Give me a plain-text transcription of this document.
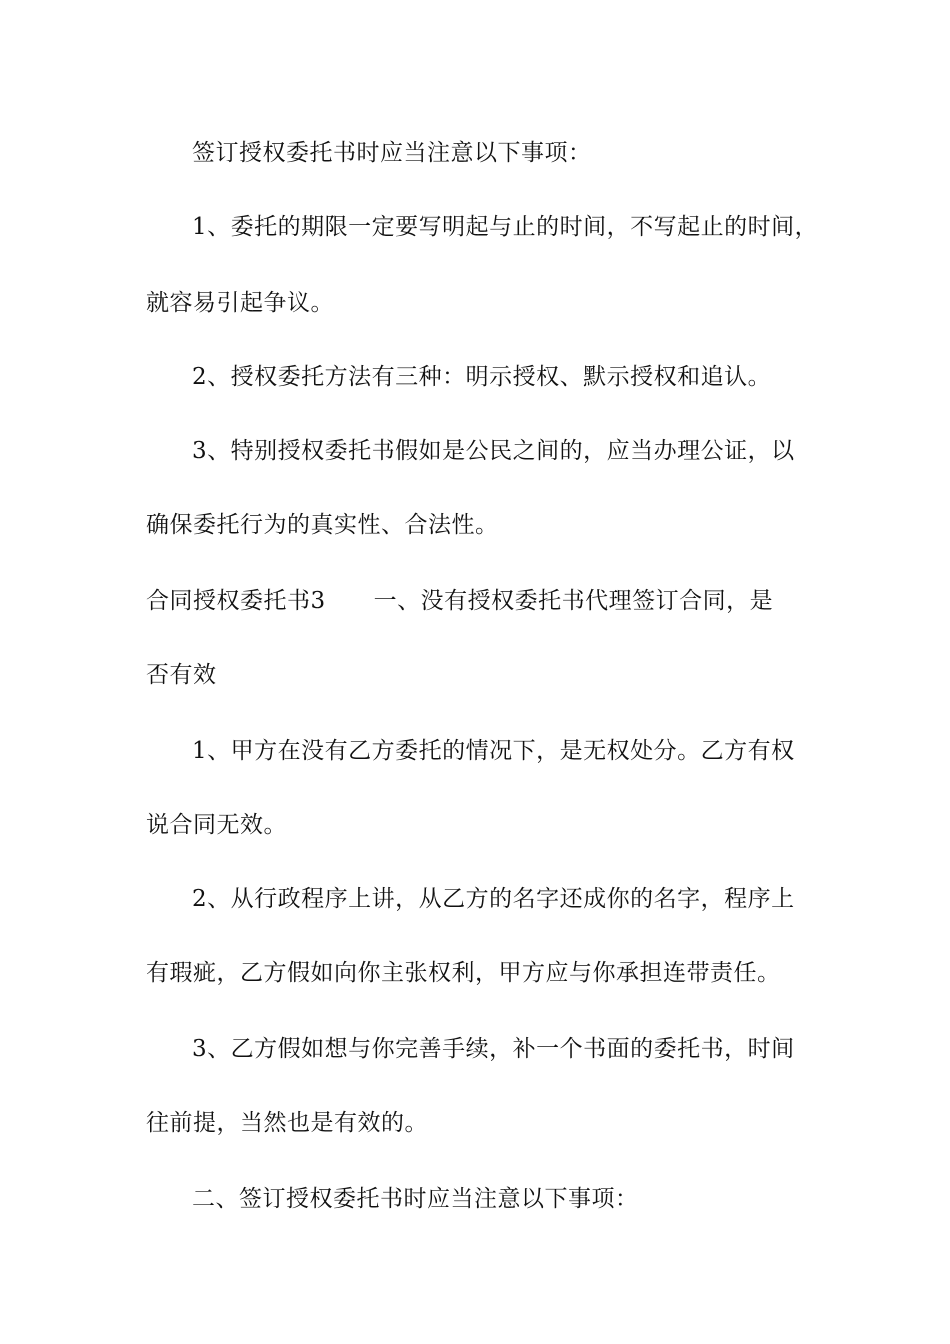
签订授权委托书时应当注意以下事项：
1、委托的期限一定要写明起与止的时间，不写起止的时间，
就容易引起争议。
2、授权委托方法有三种：明示授权、默示授权和追认。
3、特别授权委托书假如是公民之间的，应当办理公证，以
确保委托行为的真实性、合法性。
合同授权委托书3 一、没有授权委托书代理签订合同，是
否有效
1、甲方在没有乙方委托的情况下，是无权处分。乙方有权
说合同无效。
2、从行政程序上讲，从乙方的名字还成你的名字，程序上
有瑕疵，乙方假如向你主张权利，甲方应与你承担连带责任。
3、乙方假如想与你完善手续，补一个书面的委托书，时间
往前提，当然也是有效的。
二、签订授权委托书时应当注意以下事项：
